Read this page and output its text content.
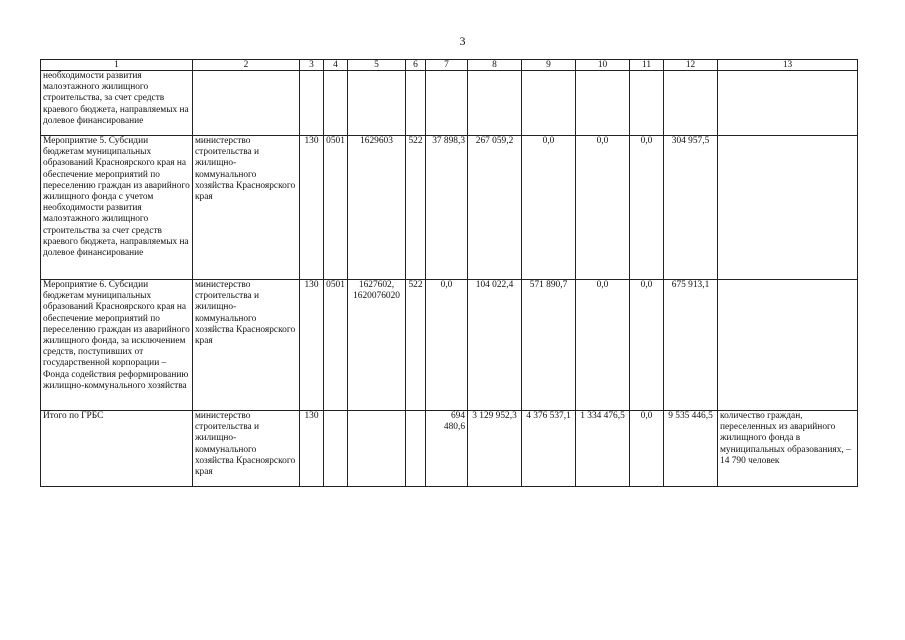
3
1	2	3	4	5	6	7	8	9	10	11	12	13
необходимости развития малоэтажного жилищного строительства, за счет средств краевого бюджета, направляемых на долевое финансирование												
Мероприятие 5. Субсидии бюджетам муниципальных образований Красноярского края на обеспечение мероприятий по переселению граждан из аварийного жилищного фонда с учетом необходимости развития малоэтажного жилищного строительства за счет средств краевого бюджета, направляемых на долевое финансирование	министерство строительства и жилищно-коммунального хозяйства Красноярского края	130	0501	1629603	522	37 898,3	267 059,2	0,0	0,0	0,0	304 957,5	
Мероприятие 6. Субсидии бюджетам муниципальных образований Красноярского края на обеспечение мероприятий по переселению граждан из аварийного жилищного фонда, за исключением средств, поступивших от государственной корпорации – Фонда содействия реформированию жилищно-коммунального хозяйства	министерство строительства и жилищно-коммунального хозяйства Красноярского края	130	0501	1627602, 1620076020	522	0,0	104 022,4	571 890,7	0,0	0,0	675 913,1	
Итого по ГРБС	министерство строительства и жилищно-коммунального хозяйства Красноярского края	130				694 480,6	3 129 952,3	4 376 537,1	1 334 476,5	0,0	9 535 446,5	количество граждан, переселенных из аварийного жилищного фонда в муниципальных образованиях, – 14 790 человек
